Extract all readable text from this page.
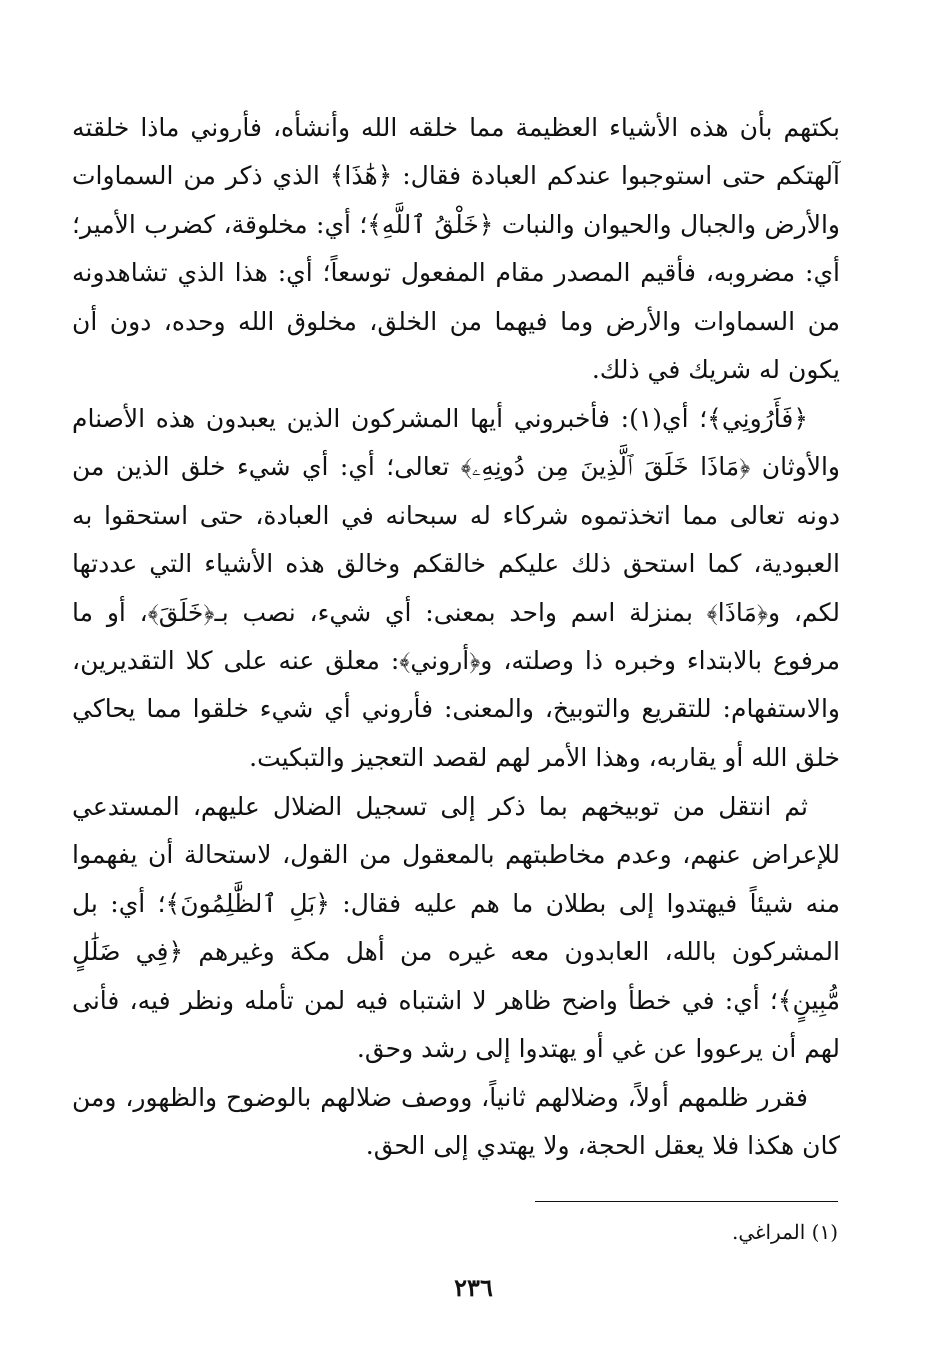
بكتهم بأن هذه الأشياء العظيمة مما خلقه الله وأنشأه، فأروني ماذا خلقته آلهتكم حتى استوجبوا عندكم العبادة فقال: ﴿هَٰذَا﴾ الذي ذكر من السماوات والأرض والجبال والحيوان والنبات ﴿خَلْقُ ٱللَّهِ﴾؛ أي: مخلوقة، كضرب الأمير؛ أي: مضروبه، فأقيم المصدر مقام المفعول توسعاً؛ أي: هذا الذي تشاهدونه من السماوات والأرض وما فيهما من الخلق، مخلوق الله وحده، دون أن يكون له شريك في ذلك.

﴿فَأَرُونِي﴾؛ أي(١): فأخبروني أيها المشركون الذين يعبدون هذه الأصنام والأوثان ﴿مَاذَا خَلَقَ ٱلَّذِينَ مِن دُونِهِۦ﴾ تعالى؛ أي: أي شيء خلق الذين من دونه تعالى مما اتخذتموه شركاء له سبحانه في العبادة، حتى استحقوا به العبودية، كما استحق ذلك عليكم خالقكم وخالق هذه الأشياء التي عددتها لكم، و﴿مَاذَا﴾ بمنزلة اسم واحد بمعنى: أي شيء، نصب بـ﴿خَلَقَ﴾، أو ما مرفوع بالابتداء وخبره ذا وصلته، و﴿أروني﴾: معلق عنه على كلا التقديرين، والاستفهام: للتقريع والتوبيخ، والمعنى: فأروني أي شيء خلقوا مما يحاكي خلق الله أو يقاربه، وهذا الأمر لهم لقصد التعجيز والتبكيت.

ثم انتقل من توبيخهم بما ذكر إلى تسجيل الضلال عليهم، المستدعي للإعراض عنهم، وعدم مخاطبتهم بالمعقول من القول، لاستحالة أن يفهموا منه شيئاً فيهتدوا إلى بطلان ما هم عليه فقال: ﴿بَلِ ٱلظَّٰلِمُونَ﴾؛ أي: بل المشركون بالله، العابدون معه غيره من أهل مكة وغيرهم ﴿فِي ضَلَٰلٍ مُّبِينٍ﴾؛ أي: في خطأ واضح ظاهر لا اشتباه فيه لمن تأمله ونظر فيه، فأنى لهم أن يرعووا عن غي أو يهتدوا إلى رشد وحق.

فقرر ظلمهم أولاً، وضلالهم ثانياً، ووصف ضلالهم بالوضوح والظهور، ومن كان هكذا فلا يعقل الحجة، ولا يهتدي إلى الحق.

(١) المراغي.
٢٣٦
